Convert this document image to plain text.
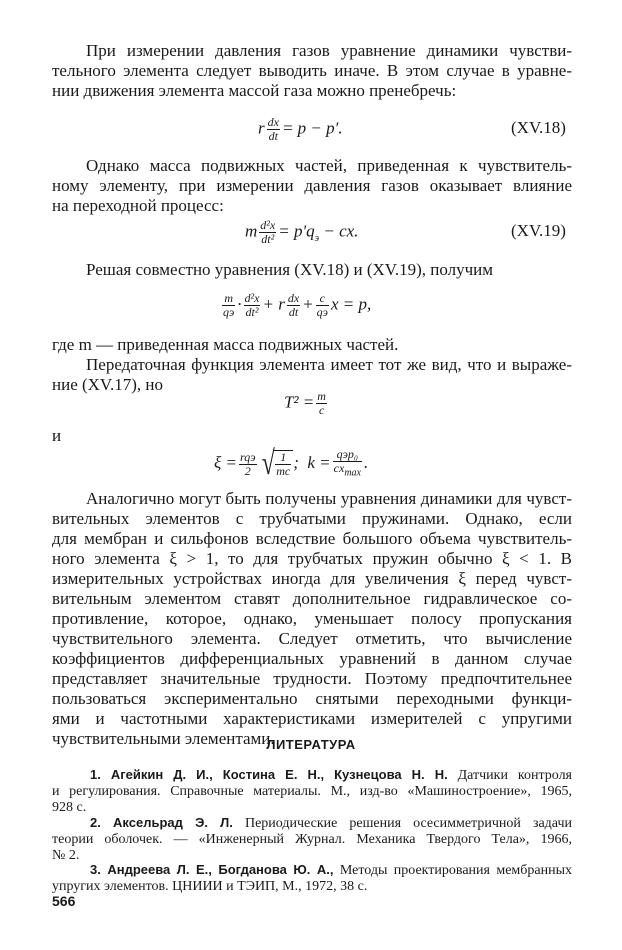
При измерении давления газов уравнение динамики чувстви-
тельного элемента следует выводить иначе. В этом случае в уравне-
нии движения элемента массой газа можно пренебречь:
r $\frac{dx}{dt} = p - p'$.	(XV.18)
Однако масса подвижных частей, приведенная к чувствитель-
ному элементу, при измерении давления газов оказывает влияние
на переходной процесс:
m $\frac{\text{d²x}}{\text{dt²}} = p'q_э$ − cx.	(XV.19)
Решая совместно уравнения (XV.18) и (XV.19), получим
$\frac{m}{qэ} \cdot \frac{\text{d²x}}{\text{dt²}} + r \frac{dx}{dt} + \frac{c}{qэ}$ x = p,
где m — приведенная масса подвижных частей.
Передаточная функция элемента имеет тот же вид, что и выраже-
ние (XV.17), но
$T^2 = \frac{m}{c}$
и
$\xi = \frac{\text{rqэ}}{2}$ √ $\frac{1}{mc}$ ; $k = \frac{\text{qэp₀}}{cx_{max}}$ .
Аналогично могут быть получены уравнения динамики для чувст-
вительных элементов с трубчатыми пружинами. Однако, если
для мембран и сильфонов вследствие большого объема чувствитель-
ного элемента ξ > 1, то для трубчатых пружин обычно ξ < 1. В
измерительных устройствах иногда для увеличения ξ перед чувст-
вительным элементом ставят дополнительное гидравлическое со-
противление, которое, однако, уменьшает полосу пропускания
чувствительного элемента. Следует отметить, что вычисление
коэффициентов дифференциальных уравнений в данном случае
представляет значительные трудности. Поэтому предпочтительнее
пользоваться экспериментально снятыми переходными функци-
ями и частотными характеристиками измерителей с упругими
чувствительными элементами.
ЛИТЕРАТУРА
1. Агейкин Д. И., Костина Е. Н., Кузнецова Н. Н. Датчики контроля
и регулирования. Справочные материалы. М., изд-во «Машиностроение», 1965,
928 с.
2. Аксельрад Э. Л. Периодические решения осесимметричной задачи
теории оболочек. — «Инженерный Журнал. Механика Твердого Тела», 1966,
№ 2.
3. Андреева Л. Е., Богданова Ю. А., Методы проектирования мембранных
упругих элементов. ЦНИИИ и ТЭИП, М., 1972, 38 с.
566
